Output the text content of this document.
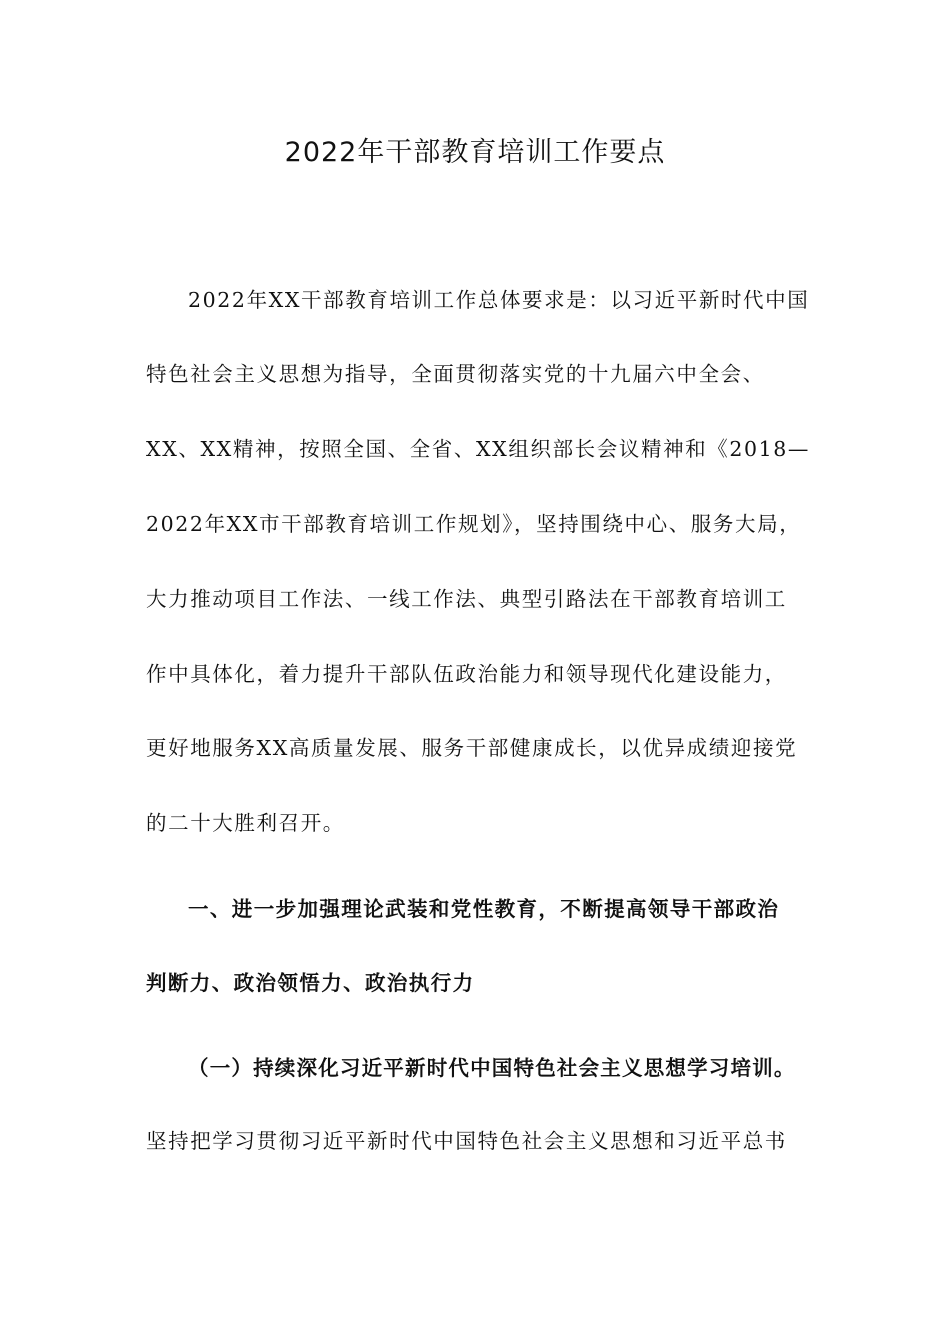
2022年干部教育培训工作要点
2022年XX干部教育培训工作总体要求是：以习近平新时代中国
特色社会主义思想为指导，全面贯彻落实党的十九届六中全会、
XX、XX精神，按照全国、全省、XX组织部长会议精神和《2018—
2022年XX市干部教育培训工作规划》，坚持围绕中心、服务大局，
大力推动项目工作法、一线工作法、典型引路法在干部教育培训工
作中具体化，着力提升干部队伍政治能力和领导现代化建设能力，
更好地服务XX高质量发展、服务干部健康成长，以优异成绩迎接党
的二十大胜利召开。
一、进一步加强理论武装和党性教育，不断提高领导干部政治
判断力、政治领悟力、政治执行力
（一）持续深化习近平新时代中国特色社会主义思想学习培训。
坚持把学习贯彻习近平新时代中国特色社会主义思想和习近平总书
